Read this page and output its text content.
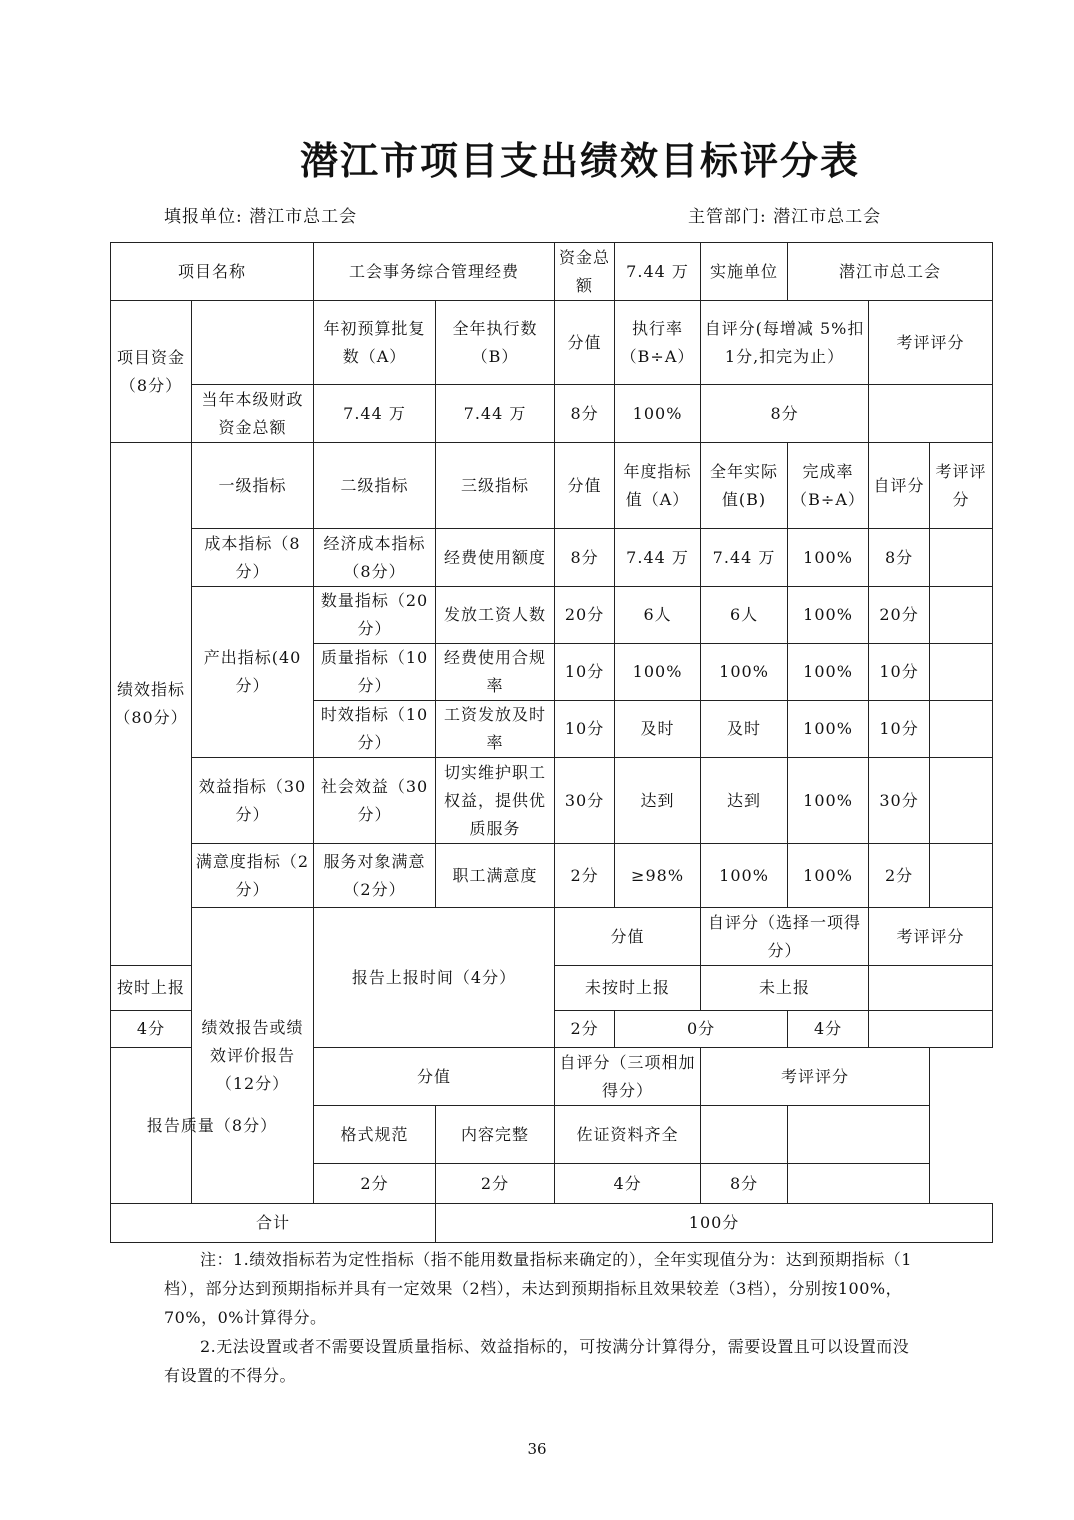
潜江市项目支出绩效目标评分表
填报单位: 潜江市总工会	主管部门: 潜江市总工会
项目名称		工会事务综合管理经费		资金总额	7.44 万	实施单位	潜江市总工会			
项目资金（8分）		年初预算批复数（A）	全年执行数（B）	分值	执行率（B÷A）	自评分(每增减 5%扣1分,扣完为止）		考评评分		
	当年本级财政资金总额	7.44 万	7.44 万	8分	100%	8分				
绩效指标（80分）	一级指标	二级指标	三级指标	分值	年度指标值（A）	全年实际值(B)	完成率（B÷A）	自评分	考评评分	
	成本指标（8分）	经济成本指标（8分）	经费使用额度	8分	7.44 万	7.44 万	100%	8分		
	产出指标(40分）	数量指标（20分）	发放工资人数	20分	6人	6人	100%	20分		
		质量指标（10分）	经费使用合规率	10分	100%	100%	100%	10分		
		时效指标（10分）	工资发放及时率	10分	及时	及时	100%	10分		
	效益指标（30分）	社会效益（30分）	切实维护职工权益，提供优质服务	30分	达到	达到	100%	30分		
	满意度指标（2分）	服务对象满意（2分）	职工满意度	2分	≥98%	100%	100%	2分		
	绩效报告或绩效评价报告（12分）	报告上报时间（4分）		分值		自评分（选择一项得分）		考评评分		
按时上报				未按时上报		未上报				
4分				2分	0分		4分			
报告质量（8分）		分值		自评分（三项相加得分）		考评评分				
		格式规范	内容完整	佐证资料齐全						
		2分	2分	4分		8分				
合计			100分							

注：1.绩效指标若为定性指标（指不能用数量指标来确定的），全年实现值分为：达到预期指标（1档），部分达到预期指标并具有一定效果（2档），未达到预期指标且效果较差（3档），分别按100%，70%，0%计算得分。

2.无法设置或者不需要设置质量指标、效益指标的，可按满分计算得分，需要设置且可以设置而没有设置的不得分。

36
